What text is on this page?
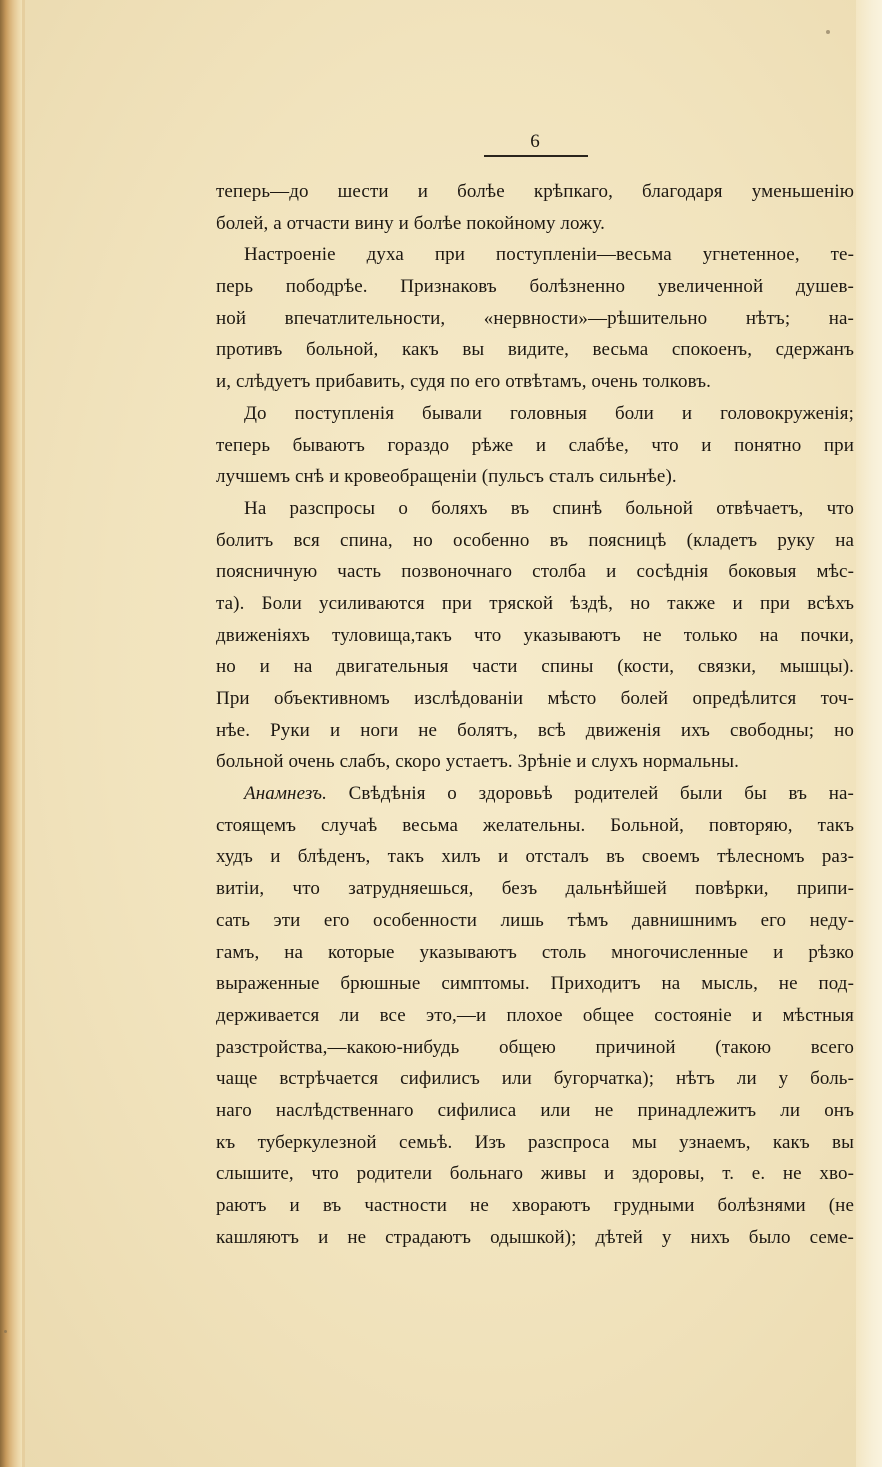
6
теперь—до шести и болѣе крѣпкаго, благодаря уменьшенію
болей, а отчасти вину и болѣе покойному ложу.
Настроеніе духа при поступленіи—весьма угнетенное, те-
перь пободрѣе. Признаковъ болѣзненно увеличенной душев-
ной впечатлительности, «нервности»—рѣшительно нѣтъ; на-
противъ больной, какъ вы видите, весьма спокоенъ, сдержанъ
и, слѣдуетъ прибавить, судя по его отвѣтамъ, очень толковъ.
До поступленія бывали головныя боли и головокруженія;
теперь бываютъ гораздо рѣже и слабѣе, что и понятно при
лучшемъ снѣ и кровеобращеніи (пульсъ сталъ сильнѣе).
На разспросы о боляхъ въ спинѣ больной отвѣчаетъ, что
болитъ вся спина, но особенно въ поясницѣ (кладетъ руку на
поясничную часть позвоночнаго столба и сосѣднія боковыя мѣс-
та). Боли усиливаются при тряской ѣздѣ, но также и при всѣхъ
движеніяхъ туловища,такъ что указываютъ не только на почки,
но и на двигательныя части спины (кости, связки, мышцы).
При объективномъ изслѣдованіи мѣсто болей опредѣлится точ-
нѣе. Руки и ноги не болятъ, всѣ движенія ихъ свободны; но
больной очень слабъ, скоро устаетъ. Зрѣніе и слухъ нормальны.
Анамнезъ. Свѣдѣнія о здоровьѣ родителей были бы въ на-
стоящемъ случаѣ весьма желательны. Больной, повторяю, такъ
худъ и блѣденъ, такъ хилъ и отсталъ въ своемъ тѣлесномъ раз-
витіи, что затрудняешься, безъ дальнѣйшей повѣрки, припи-
сать эти его особенности лишь тѣмъ давнишнимъ его неду-
гамъ, на которые указываютъ столь многочисленные и рѣзко
выраженные брюшные симптомы. Приходитъ на мысль, не под-
держивается ли все это,—и плохое общее состояніе и мѣстныя
разстройства,—какою-нибудь общею причиной (такою всего
чаще встрѣчается сифилисъ или бугорчатка); нѣтъ ли у боль-
наго наслѣдственнаго сифилиса или не принадлежитъ ли онъ
къ туберкулезной семьѣ. Изъ разспроса мы узнаемъ, какъ вы
слышите, что родители больнаго живы и здоровы, т. е. не хво-
раютъ и въ частности не хвораютъ грудными болѣзнями (не
кашляютъ и не страдаютъ одышкой); дѣтей у нихъ было семе-
